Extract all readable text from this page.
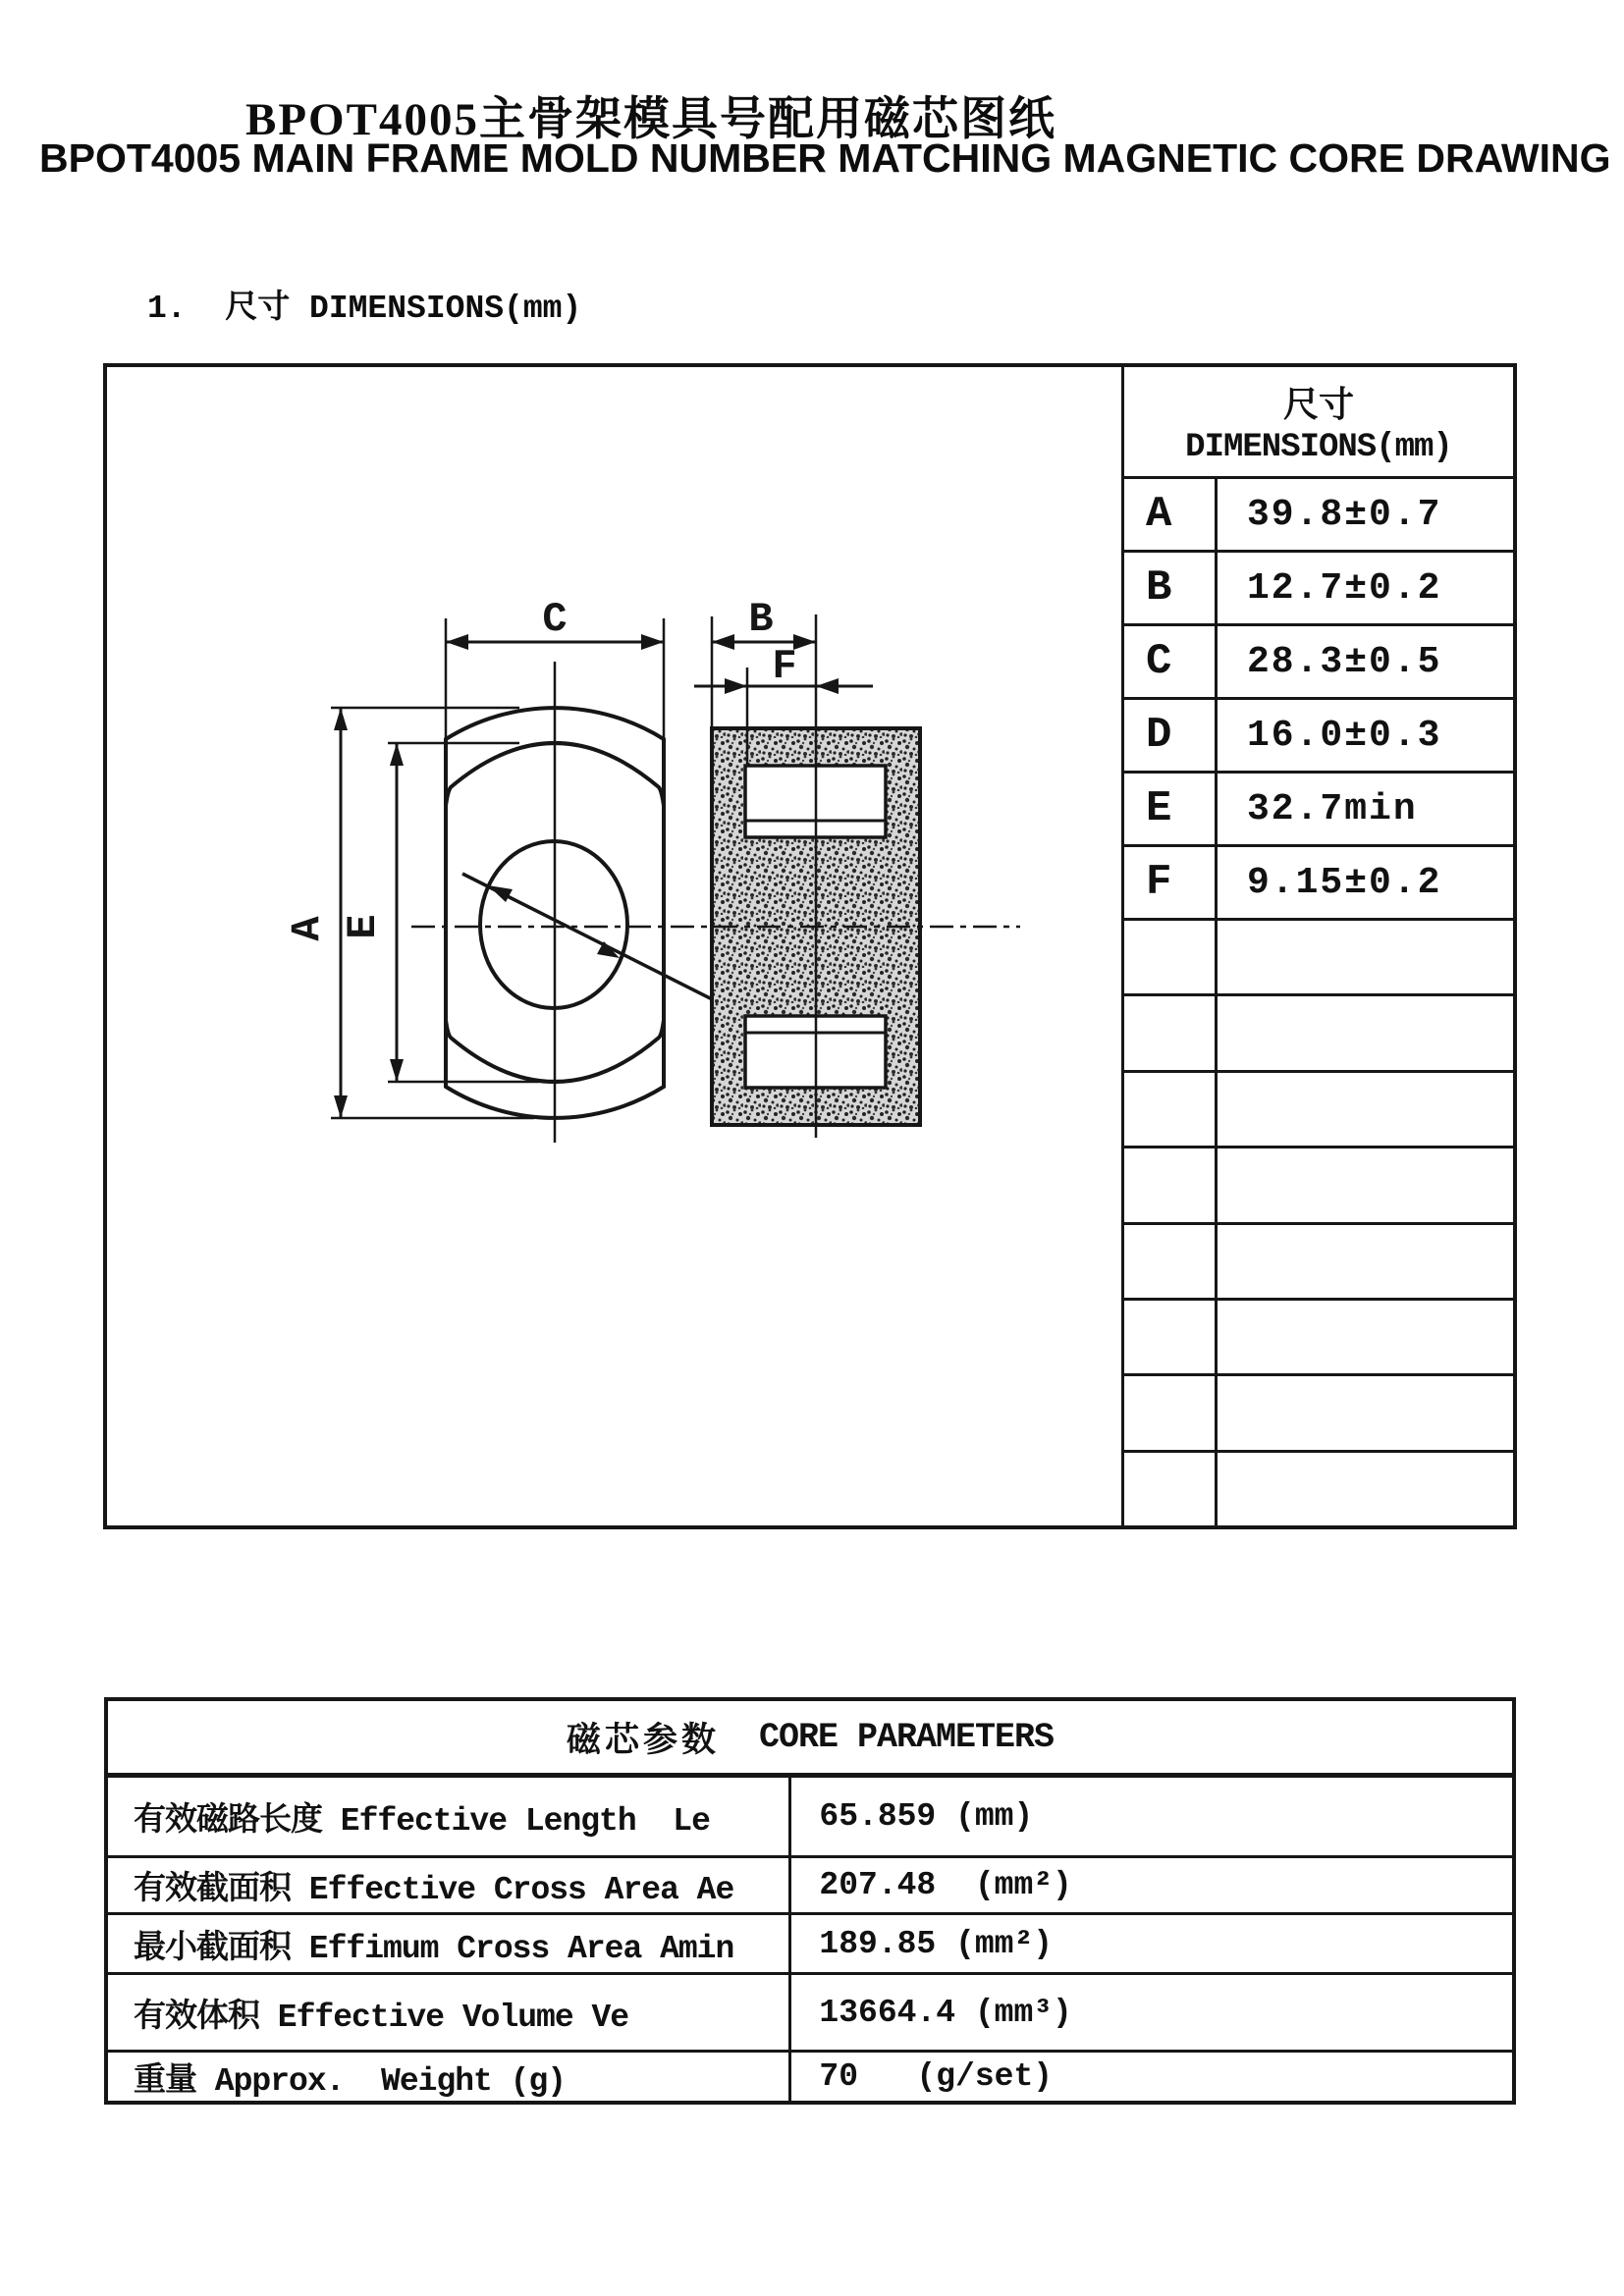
BPOT4005主骨架模具号配用磁芯图纸
BPOT4005 MAIN FRAME MOLD NUMBER MATCHING MAGNETIC CORE DRAWING
1.  尺寸 DIMENSIONS(mm)
C	B
F
A E
尺寸
DIMENSIONS(mm)
A	39.8±0.7
B	12.7±0.2
C	28.3±0.5
D	16.0±0.3
E	32.7min
F	9.15±0.2
磁芯参数 CORE PARAMETERS
有效磁路长度 Effective Length  Le	65.859 (mm)
有效截面积 Effective Cross Area Ae	207.48  (mm²)
最小截面积 Effimum Cross Area Amin	189.85 (mm²)
有效体积 Effective Volume Ve	13664.4 (mm³)
重量 Approx.  Weight (g)	70   (g/set)
